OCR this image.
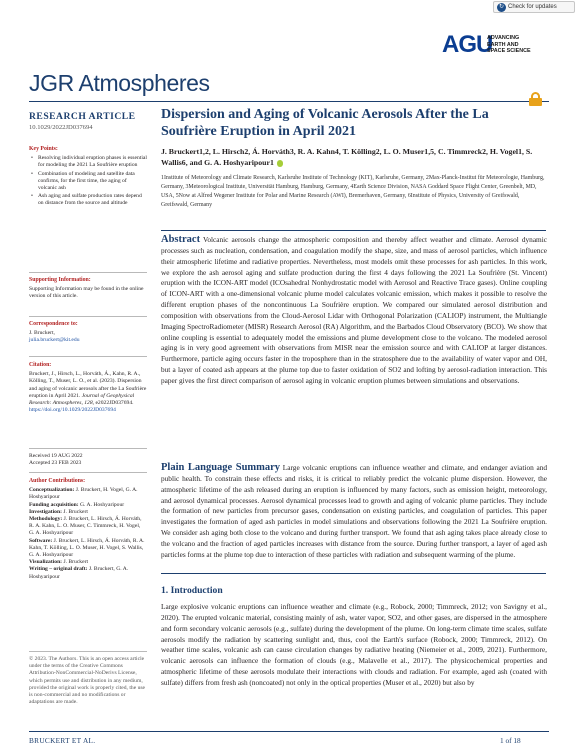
↻ Check for updates
AGU
ADVANCING
EARTH AND
SPACE SCIENCE
JGR Atmospheres
RESEARCH ARTICLE
10.1029/2022JD037694
Key Points:
• Resolving individual eruption phases is essential for modeling the 2021 La Soufrière eruption
• Combination of modeling and satellite data confirms, for the first time, the aging of volcanic ash
• Ash aging and sulfate production rates depend on distance from the source and altitude
Supporting Information:
Supporting Information may be found in the online version of this article.
Correspondence to:
J. Bruckert,
julia.bruckert@kit.edu
Citation:
Bruckert, J., Hirsch, L., Horváth, Á., Kahn, R. A., Kölling, T., Muser, L. O., et al. (2023). Dispersion and aging of volcanic aerosols after the La Soufrière eruption in April 2021. Journal of Geophysical Research: Atmospheres, 128, e2022JD037694. https://doi.org/10.1029/2022JD037694
Received 19 AUG 2022
Accepted 23 FEB 2023
Author Contributions:
Conceptualization: J. Bruckert, H. Vogel, G. A. Hoshyaripour
Funding acquisition: G. A. Hoshyaripour
Investigation: J. Bruckert
Methodology: J. Bruckert, L. Hirsch, Á. Horváth, R. A. Kahn, L. O. Muser, C. Timmreck, H. Vogel, G. A. Hoshyaripour
Software: J. Bruckert, L. Hirsch, Á. Horváth, R. A. Kahn, T. Kölling, L. O. Muser, H. Vogel, S. Wallis, G. A. Hoshyaripour
Visualization: J. Bruckert
Writing – original draft: J. Bruckert, G. A. Hoshyaripour
© 2023. The Authors. This is an open access article under the terms of the Creative Commons Attribution-NonCommercial-NoDerivs License, which permits use and distribution in any medium, provided the original work is properly cited, the use is non-commercial and no modifications or adaptations are made.
Dispersion and Aging of Volcanic Aerosols After the La Soufrière Eruption in April 2021
J. Bruckert1,2, L. Hirsch2, Á. Horváth3, R. A. Kahn4, T. Kölling2, L. O. Muser1,5, C. Timmreck2, H. Vogel1, S. Wallis6, and G. A. Hoshyaripour1
1Institute of Meteorology and Climate Research, Karlsruhe Institute of Technology (KIT), Karlsruhe, Germany, 2Max-Planck-Institut für Meteorologie, Hamburg, Germany, 3Meteorological Institute, Universität Hamburg, Hamburg, Germany, 4Earth Science Division, NASA Goddard Space Flight Center, Greenbelt, MD, USA, 5Now at Alfred Wegener Institute for Polar and Marine Research (AWI), Bremerhaven, Germany, 6Institute of Physics, University of Greifswald, Greifswald, Germany
Abstract Volcanic aerosols change the atmospheric composition and thereby affect weather and climate. Aerosol dynamic processes such as nucleation, condensation, and coagulation modify the shape, size, and mass of aerosol particles, which influence their atmospheric lifetime and radiative properties. Nevertheless, most models omit these processes for ash particles. In this work, we explore the ash aerosol aging and sulfate production during the first 4 days following the 2021 La Soufrière (St. Vincent) eruption with the ICON-ART model (ICOsahedral Nonhydrostatic model with Aerosol and Reactive Trace gases). Online coupling of ICON-ART with a one-dimensional volcanic plume model calculates volcanic emission, which makes it possible to resolve the different eruption phases of the noncontinuous La Soufrière eruption. We compared our simulated aerosol distribution and composition with observations from the Cloud-Aerosol Lidar with Orthogonal Polarization (CALIOP) instrument, the Multiangle Imaging SpectroRadiometer (MISR) Research Aerosol (RA) Algorithm, and the Barbados Cloud Observatory (BCO). We show that online coupling is essential to adequately model the emissions and plume development close to the volcano. The modeled aerosol aging is in very good agreement with observations from MISR near the emission source and with CALIOP at larger distances. Furthermore, particle aging occurs faster in the troposphere than in the stratosphere due to the availability of water vapor and OH, but a layer of coated ash appears at the plume top due to faster oxidation of SO2 and lofting by aerosol-radiation interaction. This paper gives the first direct comparison of aerosol aging in volcanic eruption plumes between simulations and observations.
Plain Language Summary Large volcanic eruptions can influence weather and climate, and endanger aviation and public health. To constrain these effects and risks, it is critical to reliably predict the volcanic plume dispersion. However, the atmospheric lifetime of the ash released during an eruption is influenced by many factors, such as emission height, meteorology, and aerosol dynamical processes. Aerosol dynamical processes lead to growth and aging of volcanic plume particles. They include the formation of new particles from precursor gases, condensation on existing particles, and coagulation of particles. This paper investigates the formation of aged ash particles in model simulations and observations following the 2021 La Soufrière eruption. We consider ash aging both close to the volcano and during further transport. We found that ash aging takes place already close to the volcano and the fraction of aged particles increases with distance from the source. During further transport, a layer of aged ash particles forms at the plume top due to interaction of these particles with radiation and subsequent warming of the plume.
1. Introduction
Large explosive volcanic eruptions can influence weather and climate (e.g., Robock, 2000; Timmreck, 2012; von Savigny et al., 2020). The erupted volcanic material, consisting mainly of ash, water vapor, SO2, and other gases, are dispersed in the atmosphere and form secondary volcanic aerosols (e.g., sulfate) during the development of the plume. On long-term climate time scales, sulfate aerosols modify the radiation by scattering sunlight and, thus, cool the Earth's surface (Robock, 2000; Timmreck, 2012). On weather time scales, volcanic ash can cause circulation changes by radiative heating (Niemeier et al., 2009, 2021). Furthermore, volcanic aerosols can influence the formation of clouds (e.g., Malavelle et al., 2017). The physicochemical properties and atmospheric lifetime of these aerosols modulate their interactions with clouds and radiation. For example, aged ash (coated with sulfate) differs from fresh ash (noncoated) not only in the optical properties (Muser et al., 2020) but also by
BRUCKERT ET AL.	1 of 18
